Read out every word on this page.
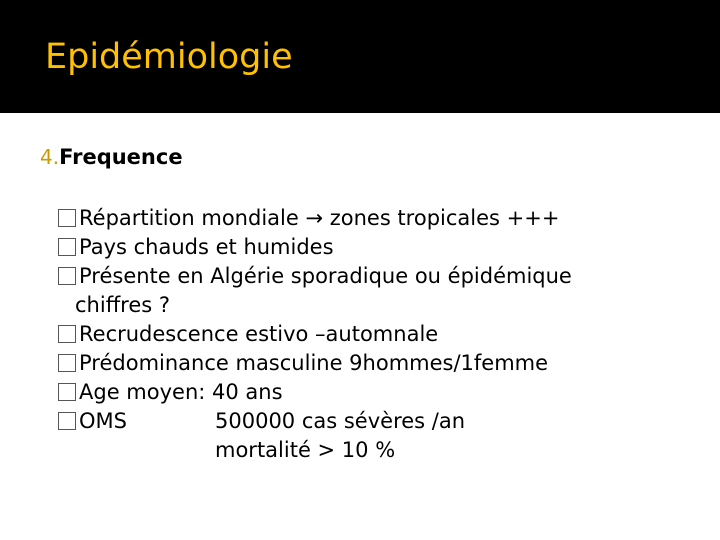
Epidémiologie
4.Frequence
Répartition mondiale → zones tropicales +++
Pays chauds et humides
Présente en Algérie sporadique ou épidémique
chiffres ?
Recrudescence estivo –automnale
Prédominance masculine 9hommes/1femme
Age moyen: 40 ans
OMS	500000 cas sévères /an
mortalité > 10 %
